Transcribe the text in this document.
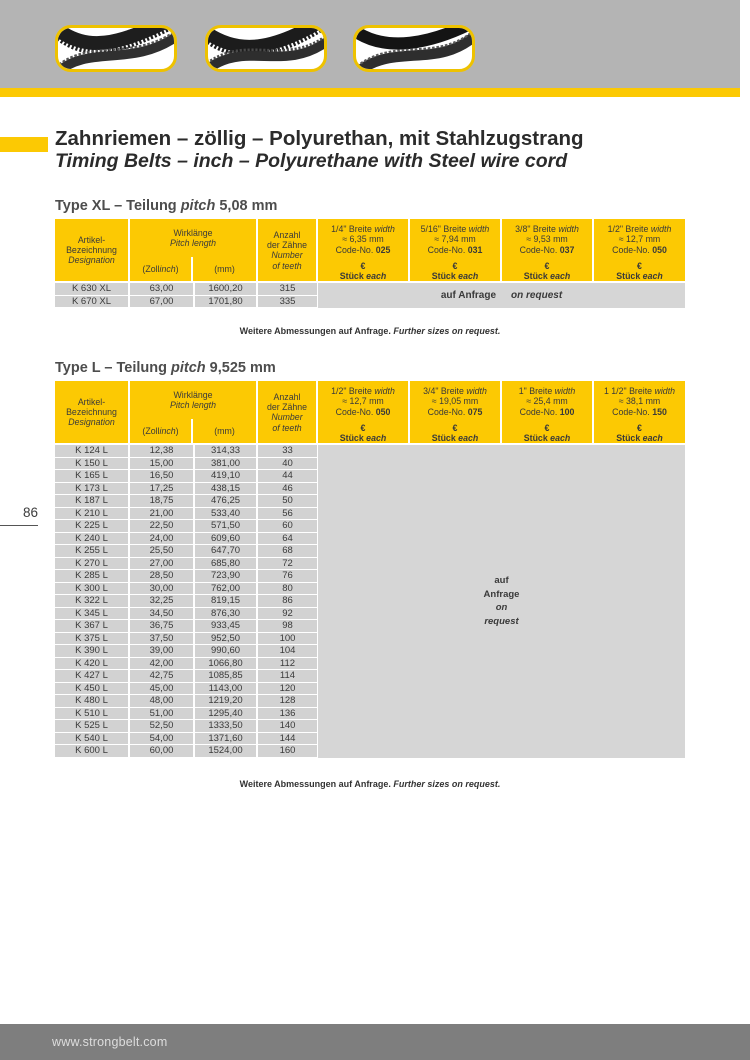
Zahnriemen – zöllig – Polyurethan, mit Stahlzugstrang
Timing Belts – inch – Polyurethane with Steel wire cord
Type XL – Teilung pitch 5,08 mm
Artikel-
Bezeichnung
Designation
Wirklänge
Pitch length
(Zoll inch )	(mm)
Anzahl
der Zähne
Number
of teeth
1/4" Breite width
≈ 6,35 mm
Code-No. 025
€
Stück each
5/16" Breite width
≈ 7,94 mm
Code-No. 031
€
Stück each
3/8" Breite width
≈ 9,53 mm
Code-No. 037
€
Stück each
1/2" Breite width
≈ 12,7 mm
Code-No. 050
€
Stück each
K 630 XL	63,00	1600,20	315
K 670 XL	67,00	1701,80	335	auf Anfrage on request
Weitere Abmessungen auf Anfrage. Further sizes on request.
Type L – Teilung pitch 9,525 mm
Artikel-
Bezeichnung
Designation
Wirklänge
Pitch length
(Zoll inch )	(mm)
Anzahl
der Zähne
Number
of teeth
1/2" Breite width
≈ 12,7 mm
Code-No. 050
€
Stück each
3/4" Breite width
≈ 19,05 mm
Code-No. 075
€
Stück each
1" Breite width
≈ 25,4 mm
Code-No. 100
€
Stück each
1 1/2" Breite width
≈ 38,1 mm
Code-No. 150
€
Stück each
K 124 L	12,38	314,33	33
K 150 L	15,00	381,00	40
K 165 L	16,50	419,10	44
K 173 L	17,25	438,15	46
K 187 L	18,75	476,25	50
K 210 L	21,00	533,40	56
K 225 L	22,50	571,50	60
K 240 L	24,00	609,60	64
K 255 L	25,50	647,70	68
K 270 L	27,00	685,80	72
K 285 L	28,50	723,90	76
K 300 L	30,00	762,00	80
K 322 L	32,25	819,15	86
K 345 L	34,50	876,30	92
K 367 L	36,75	933,45	98
K 375 L	37,50	952,50	100
K 390 L	39,00	990,60	104
K 420 L	42,00	1066,80	112
K 427 L	42,75	1085,85	114
K 450 L	45,00	1143,00	120
K 480 L	48,00	1219,20	128
K 510 L	51,00	1295,40	136
K 525 L	52,50	1333,50	140
K 540 L	54,00	1371,60	144
K 600 L	60,00	1524,00	160
auf
Anfrage
on
request
Weitere Abmessungen auf Anfrage. Further sizes on request.
86
www.strongbelt.com
